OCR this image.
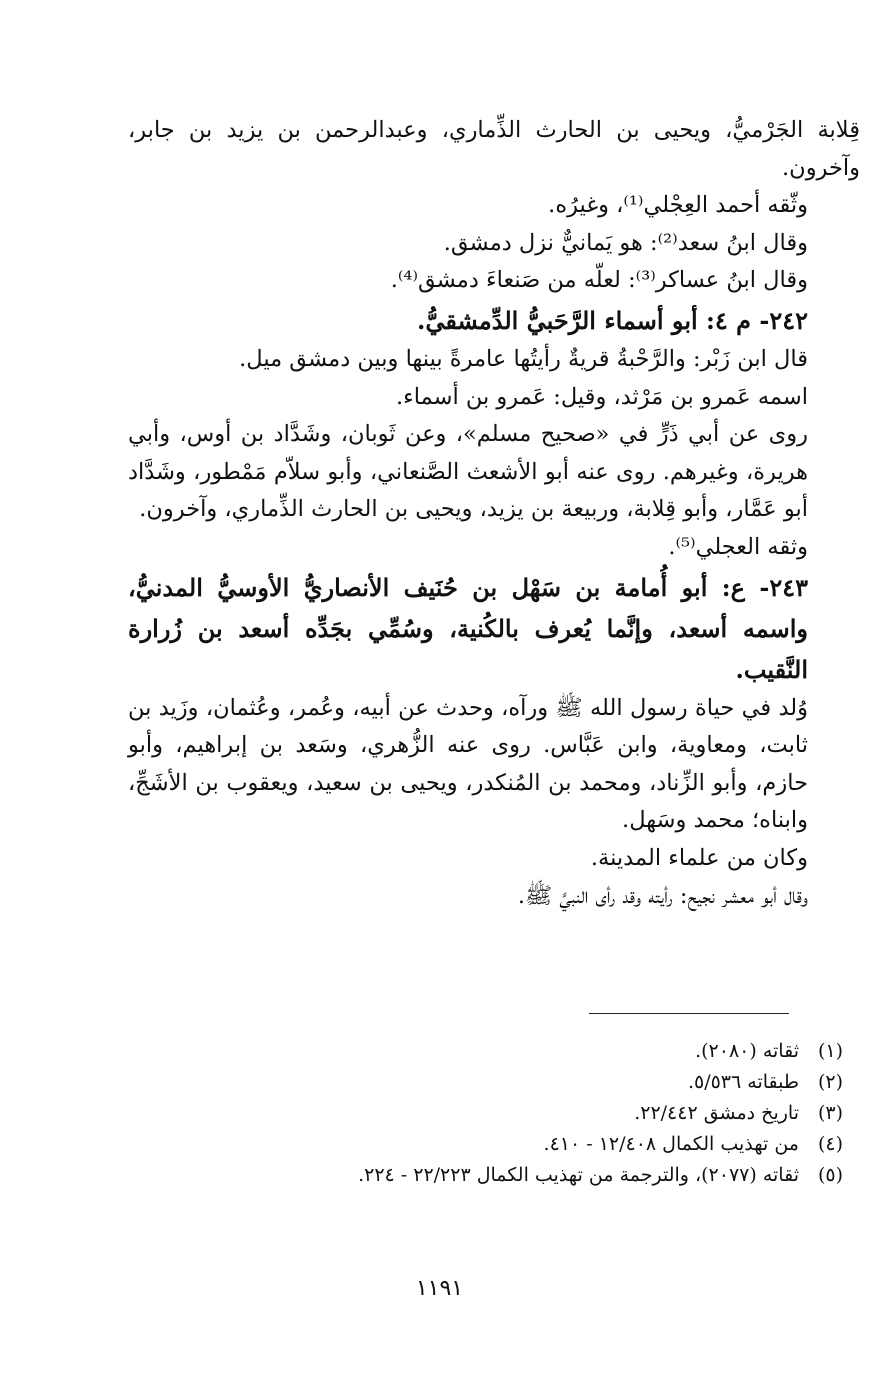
قِلابة الجَرْميُّ، ويحيى بن الحارث الذِّماري، وعبدالرحمن بن يزيد بن جابر، وآخرون.

وثّقه أحمد العِجْلي⁽¹⁾، وغيرُه.

وقال ابنُ سعد⁽²⁾: هو يَمانيٌّ نزل دمشق.

وقال ابنُ عساكر⁽³⁾: لعلّه من صَنعاءَ دمشق⁽⁴⁾.

٢٤٢- م ٤: أبو أسماء الرَّحَبيُّ الدِّمشقيُّ.

قال ابن زَبْر: والرَّحْبةُ قريةٌ رأيتُها عامرةً بينها وبين دمشق ميل.

اسمه عَمرو بن مَرْثد، وقيل: عَمرو بن أسماء.

روى عن أبي ذَرٍّ في «صحيح مسلم»، وعن ثَوبان، وشَدَّاد بن أوس، وأبي هريرة، وغيرهم. روى عنه أبو الأشعث الصَّنعاني، وأبو سلاّم مَمْطور، وشَدَّاد أبو عَمَّار، وأبو قِلابة، وربيعة بن يزيد، ويحيى بن الحارث الذِّماري، وآخرون.

وثقه العجلي⁽⁵⁾.

٢٤٣- ع: أبو أُمامة بن سَهْل بن حُنَيف الأنصاريُّ الأوسيُّ المدنيُّ، واسمه أسعد، وإنَّما يُعرف بالكُنية، وسُمِّي بجَدِّه أسعد بن زُرارة النَّقيب.

وُلد في حياة رسول الله ﷺ ورآه، وحدث عن أبيه، وعُمر، وعُثمان، وزَيد بن ثابت، ومعاوية، وابن عَبَّاس. روى عنه الزُّهري، وسَعد بن إبراهيم، وأبو حازم، وأبو الزِّناد، ومحمد بن المُنكدر، ويحيى بن سعيد، ويعقوب بن الأشَجِّ، وابناه؛ محمد وسَهل.

وكان من علماء المدينة.

وقال أبو معشر نجيح: رأيته وقد رأى النبيَّ ﷺ.

(١)
ثقاته (٢٠٨٠).
(٢)
طبقاته ٥/٥٣٦.
(٣)
تاريخ دمشق ٢٢/٤٤٢.
(٤)
من تهذيب الكمال ١٢/٤٠٨ - ٤١٠.
(٥)
ثقاته (٢٠٧٧)، والترجمة من تهذيب الكمال ٢٢/٢٢٣ - ٢٢٤.
١١٩١
